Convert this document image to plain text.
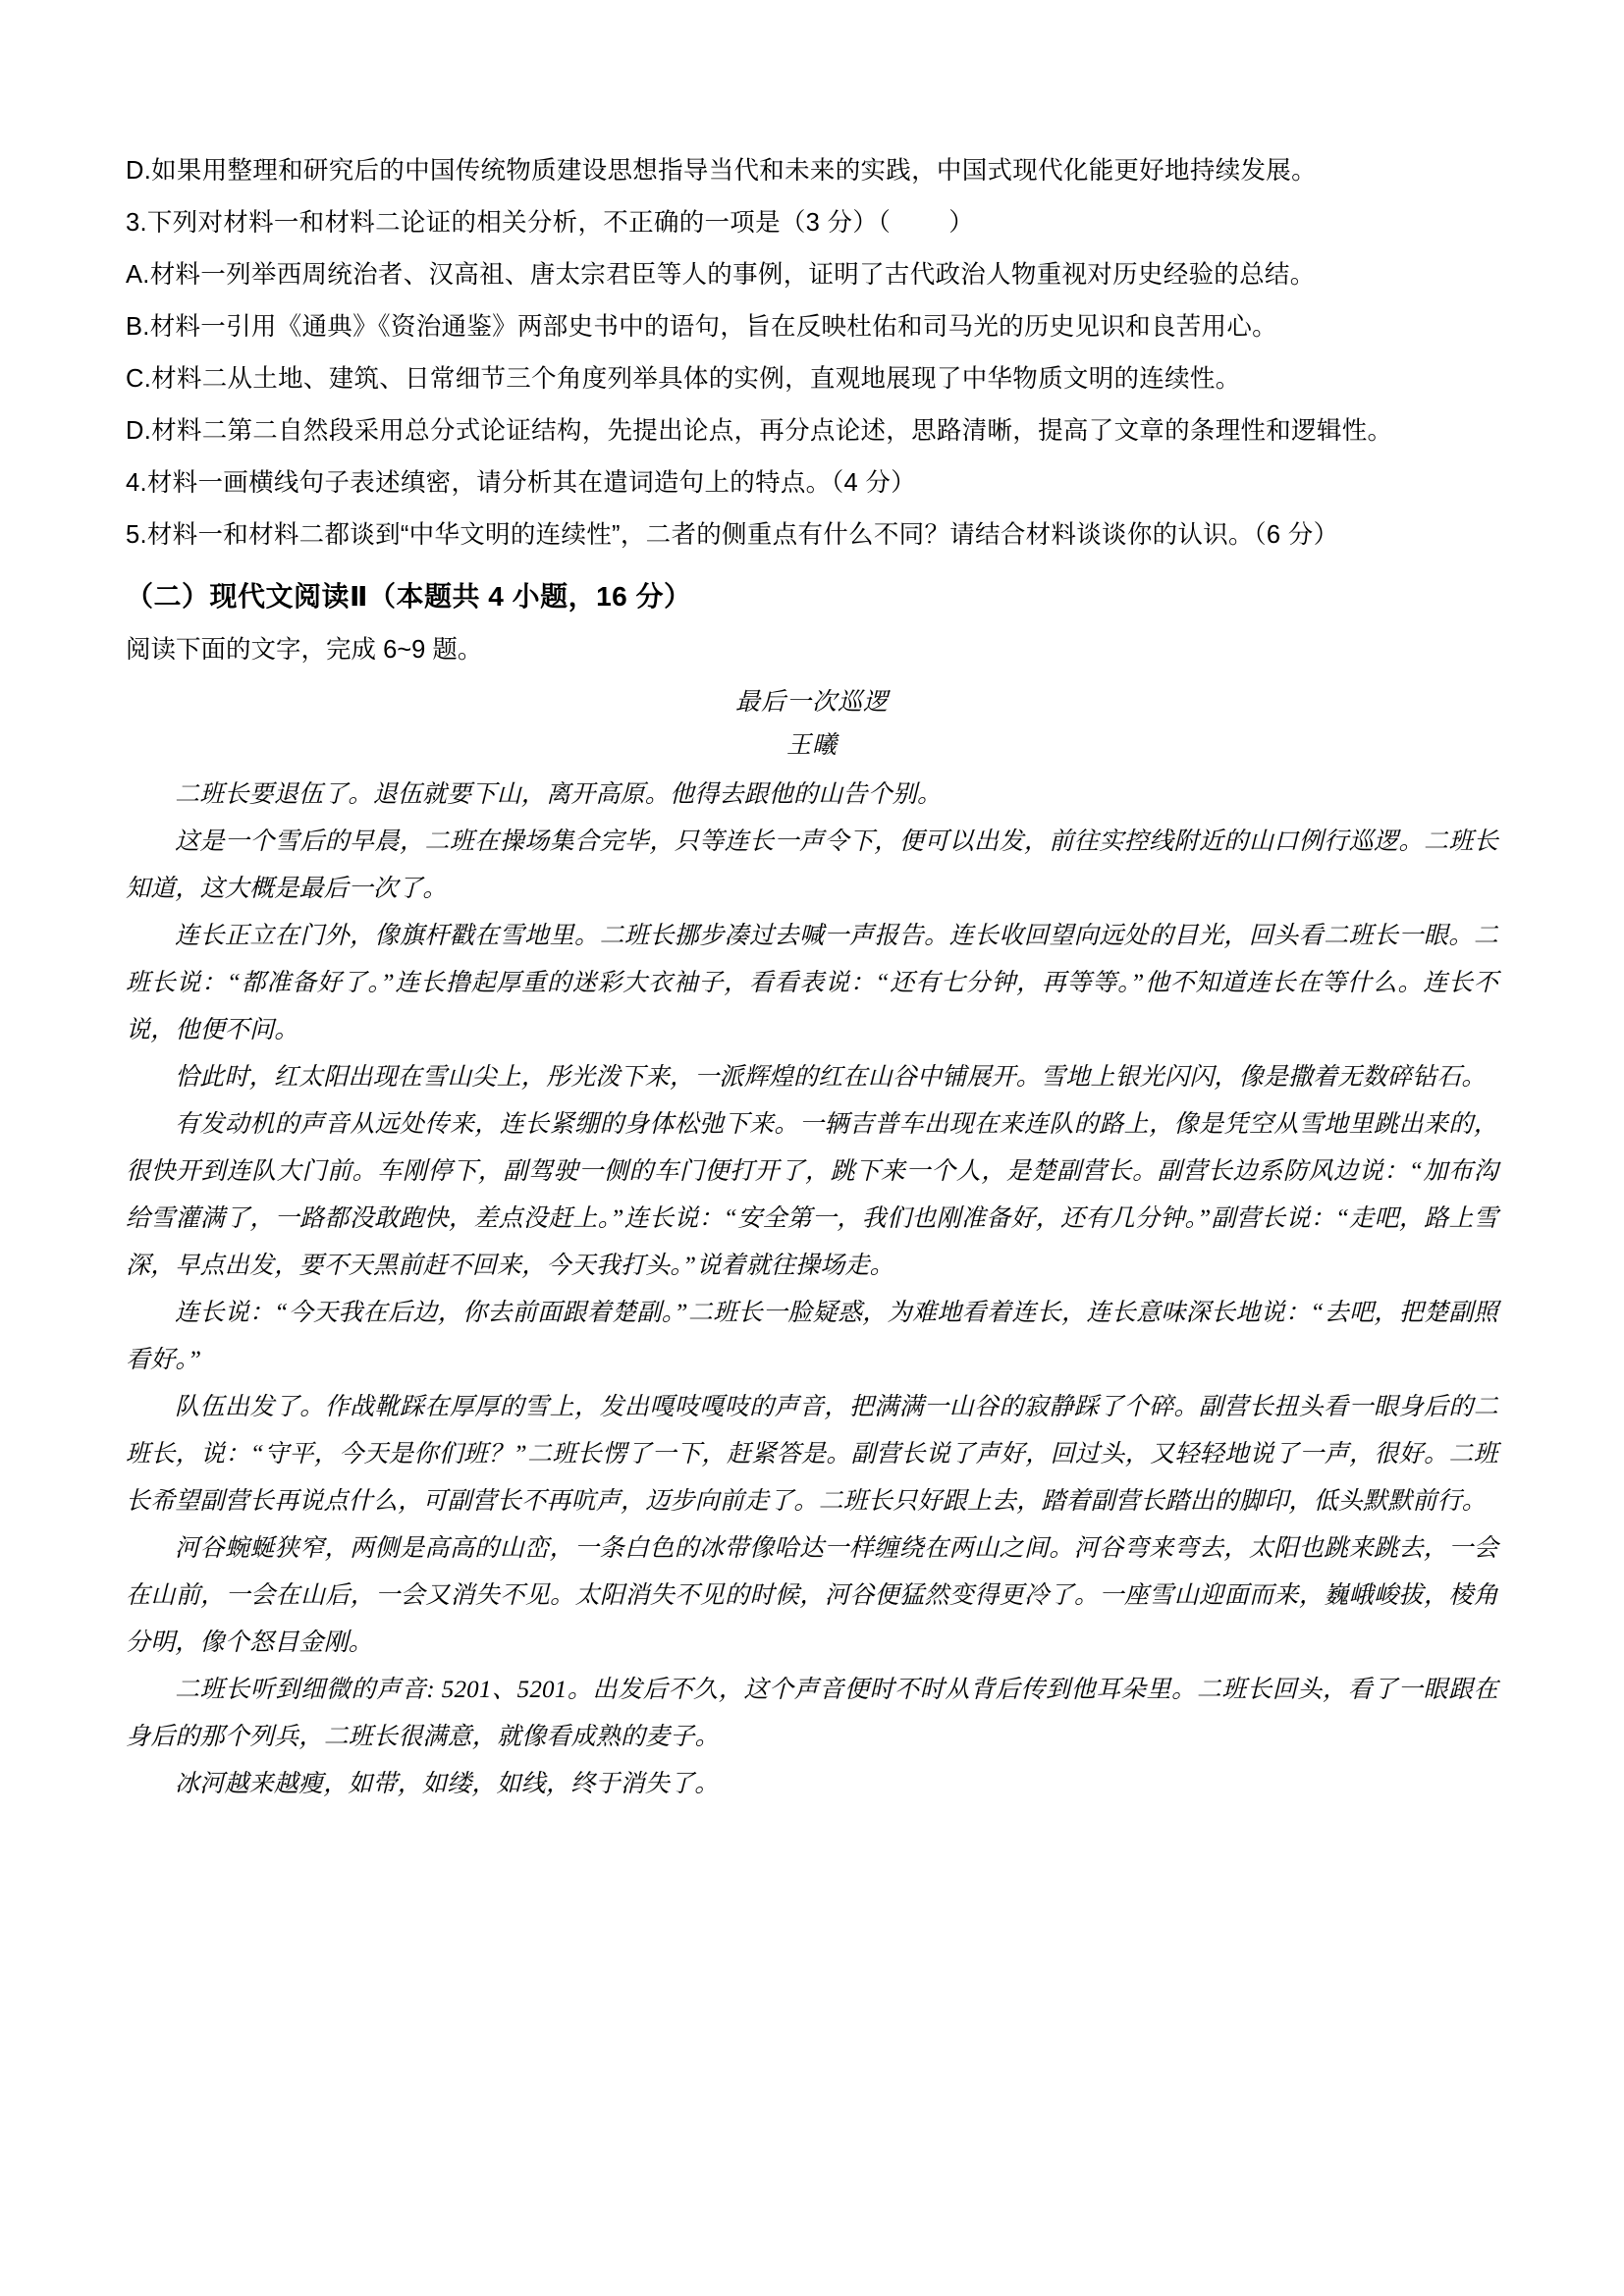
D.如果用整理和研究后的中国传统物质建设思想指导当代和未来的实践，中国式现代化能更好地持续发展。

3.下列对材料一和材料二论证的相关分析，不正确的一项是（3 分）（        ）

A.材料一列举西周统治者、汉高祖、唐太宗君臣等人的事例，证明了古代政治人物重视对历史经验的总结。

B.材料一引用《通典》《资治通鉴》两部史书中的语句，旨在反映杜佑和司马光的历史见识和良苦用心。

C.材料二从土地、建筑、日常细节三个角度列举具体的实例，直观地展现了中华物质文明的连续性。

D.材料二第二自然段采用总分式论证结构，先提出论点，再分点论述，思路清晰，提高了文章的条理性和逻辑性。

4.材料一画横线句子表述缜密，请分析其在遣词造句上的特点。（4 分）

5.材料一和材料二都谈到“中华文明的连续性”，二者的侧重点有什么不同？请结合材料谈谈你的认识。（6 分）

（二）现代文阅读Ⅱ（本题共 4 小题，16 分）

阅读下面的文字，完成 6~9 题。

最后一次巡逻

王曦

二班长要退伍了。退伍就要下山，离开高原。他得去跟他的山告个别。

这是一个雪后的早晨，二班在操场集合完毕，只等连长一声令下，便可以出发，前往实控线附近的山口例行巡逻。二班长知道，这大概是最后一次了。

连长正立在门外，像旗杆戳在雪地里。二班长挪步凑过去喊一声报告。连长收回望向远处的目光，回头看二班长一眼。二班长说：“都准备好了。”连长撸起厚重的迷彩大衣袖子，看看表说：“还有七分钟，再等等。”他不知道连长在等什么。连长不说，他便不问。

恰此时，红太阳出现在雪山尖上，彤光泼下来，一派辉煌的红在山谷中铺展开。雪地上银光闪闪，像是撒着无数碎钻石。

有发动机的声音从远处传来，连长紧绷的身体松弛下来。一辆吉普车出现在来连队的路上，像是凭空从雪地里跳出来的，很快开到连队大门前。车刚停下，副驾驶一侧的车门便打开了，跳下来一个人，是楚副营长。副营长边系防风边说：“加布沟给雪灌满了，一路都没敢跑快，差点没赶上。”连长说：“安全第一，我们也刚准备好，还有几分钟。”副营长说：“走吧，路上雪深，早点出发，要不天黑前赶不回来，今天我打头。”说着就往操场走。

连长说：“今天我在后边，你去前面跟着楚副。”二班长一脸疑惑，为难地看着连长，连长意味深长地说：“去吧，把楚副照看好。”

队伍出发了。作战靴踩在厚厚的雪上，发出嘎吱嘎吱的声音，把满满一山谷的寂静踩了个碎。副营长扭头看一眼身后的二班长，说：“守平，今天是你们班？”二班长愣了一下，赶紧答是。副营长说了声好，回过头，又轻轻地说了一声，很好。二班长希望副营长再说点什么，可副营长不再吭声，迈步向前走了。二班长只好跟上去，踏着副营长踏出的脚印，低头默默前行。

河谷蜿蜒狭窄，两侧是高高的山峦，一条白色的冰带像哈达一样缠绕在两山之间。河谷弯来弯去，太阳也跳来跳去，一会在山前，一会在山后，一会又消失不见。太阳消失不见的时候，河谷便猛然变得更冷了。一座雪山迎面而来，巍峨峻拔，棱角分明，像个怒目金刚。

二班长听到细微的声音: 5201、5201。出发后不久，这个声音便时不时从背后传到他耳朵里。二班长回头，看了一眼跟在身后的那个列兵，二班长很满意，就像看成熟的麦子。

冰河越来越瘦，如带，如缕，如线，终于消失了。
